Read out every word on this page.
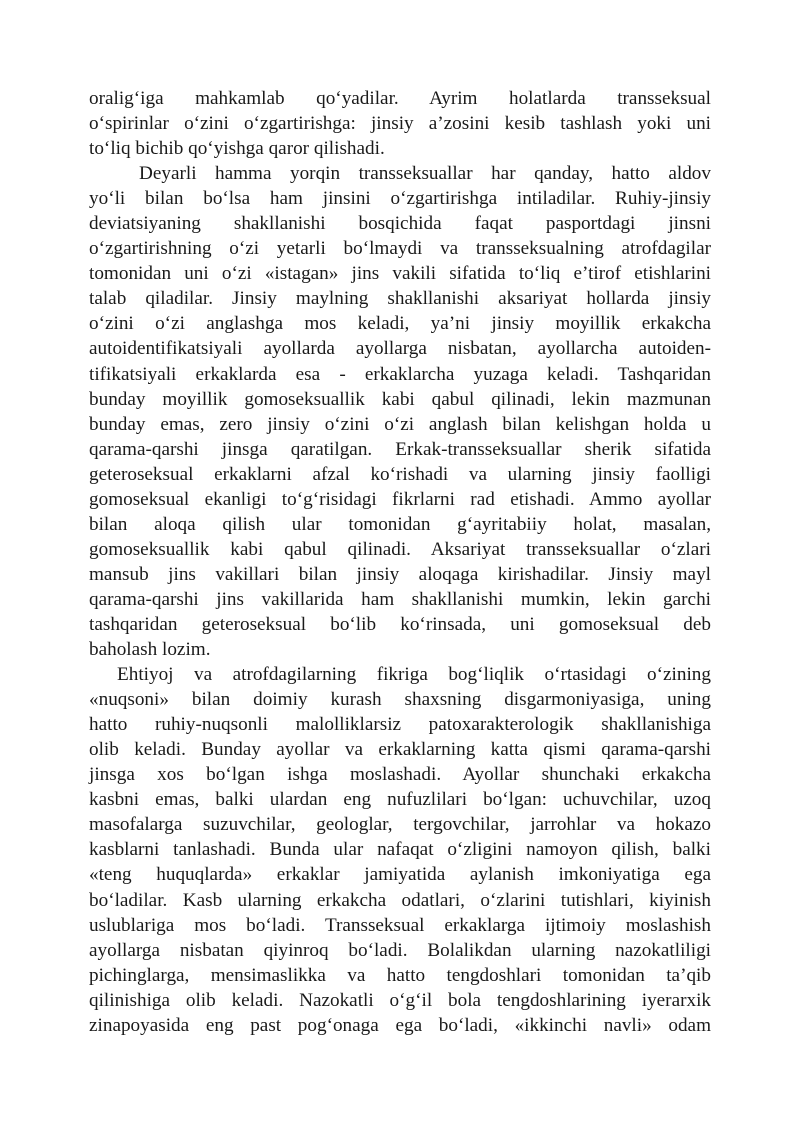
oralig‘iga mahkamlab qo‘yadilar. Ayrim holatlarda transseksual
o‘spirinlar o‘zini o‘zgartirishga: jinsiy a’zosini kesib tashlash yoki uni
to‘liq bichib qo‘yishga qaror qilishadi.
Deyarli hamma yorqin transseksuallar har qanday, hatto aldov
yo‘li bilan bo‘lsa ham jinsini o‘zgartirishga intiladilar. Ruhiy-jinsiy
deviatsiyaning shakllanishi bosqichida faqat pasportdagi jinsni
o‘zgartirishning o‘zi yetarli bo‘lmaydi va transseksualning atrofdagilar
tomonidan uni o‘zi «istagan» jins vakili sifatida to‘liq e’tirof etishlarini
talab qiladilar. Jinsiy maylning shakllanishi aksariyat hollarda jinsiy
o‘zini o‘zi anglashga mos keladi, ya’ni jinsiy moyillik erkakcha
autoidentifikatsiyali ayollarda ayollarga nisbatan, ayollarcha autoiden-
tifikatsiyali erkaklarda esa - erkaklarcha yuzaga keladi. Tashqaridan
bunday moyillik gomoseksuallik kabi qabul qilinadi, lekin mazmunan
bunday emas, zero jinsiy o‘zini o‘zi anglash bilan kelishgan holda u
qarama-qarshi jinsga qaratilgan. Erkak-transseksuallar sherik sifatida
geteroseksual erkaklarni afzal ko‘rishadi va ularning jinsiy faolligi
gomoseksual ekanligi to‘g‘risidagi fikrlarni rad etishadi. Ammo ayollar
bilan aloqa qilish ular tomonidan g‘ayritabiiy holat, masalan,
gomoseksuallik kabi qabul qilinadi. Aksariyat transseksuallar o‘zlari
mansub jins vakillari bilan jinsiy aloqaga kirishadilar. Jinsiy mayl
qarama-qarshi jins vakillarida ham shakllanishi mumkin, lekin garchi
tashqaridan geteroseksual bo‘lib ko‘rinsada, uni gomoseksual deb
baholash lozim.
Ehtiyoj va atrofdagilarning fikriga bog‘liqlik o‘rtasidagi o‘zining
«nuqsoni» bilan doimiy kurash shaxsning disgarmoniyasiga, uning
hatto ruhiy-nuqsonli malolliklarsiz patoxarakterologik shakllanishiga
olib keladi. Bunday ayollar va erkaklarning katta qismi qarama-qarshi
jinsga xos bo‘lgan ishga moslashadi. Ayollar shunchaki erkakcha
kasbni emas, balki ulardan eng nufuzlilari bo‘lgan: uchuvchilar, uzoq
masofalarga suzuvchilar, geologlar, tergovchilar, jarrohlar va hokazo
kasblarni tanlashadi. Bunda ular nafaqat o‘zligini namoyon qilish, balki
«teng huquqlarda» erkaklar jamiyatida aylanish imkoniyatiga ega
bo‘ladilar. Kasb ularning erkakcha odatlari, o‘zlarini tutishlari, kiyinish
uslublariga mos bo‘ladi. Transseksual erkaklarga ijtimoiy moslashish
ayollarga nisbatan qiyinroq bo‘ladi. Bolalikdan ularning nazokatliligi
pichinglarga, mensimaslikka va hatto tengdoshlari tomonidan ta’qib
qilinishiga olib keladi. Nazokatli o‘g‘il bola tengdoshlarining iyerarxik
zinapoyasida eng past pog‘onaga ega bo‘ladi, «ikkinchi navli» odam
